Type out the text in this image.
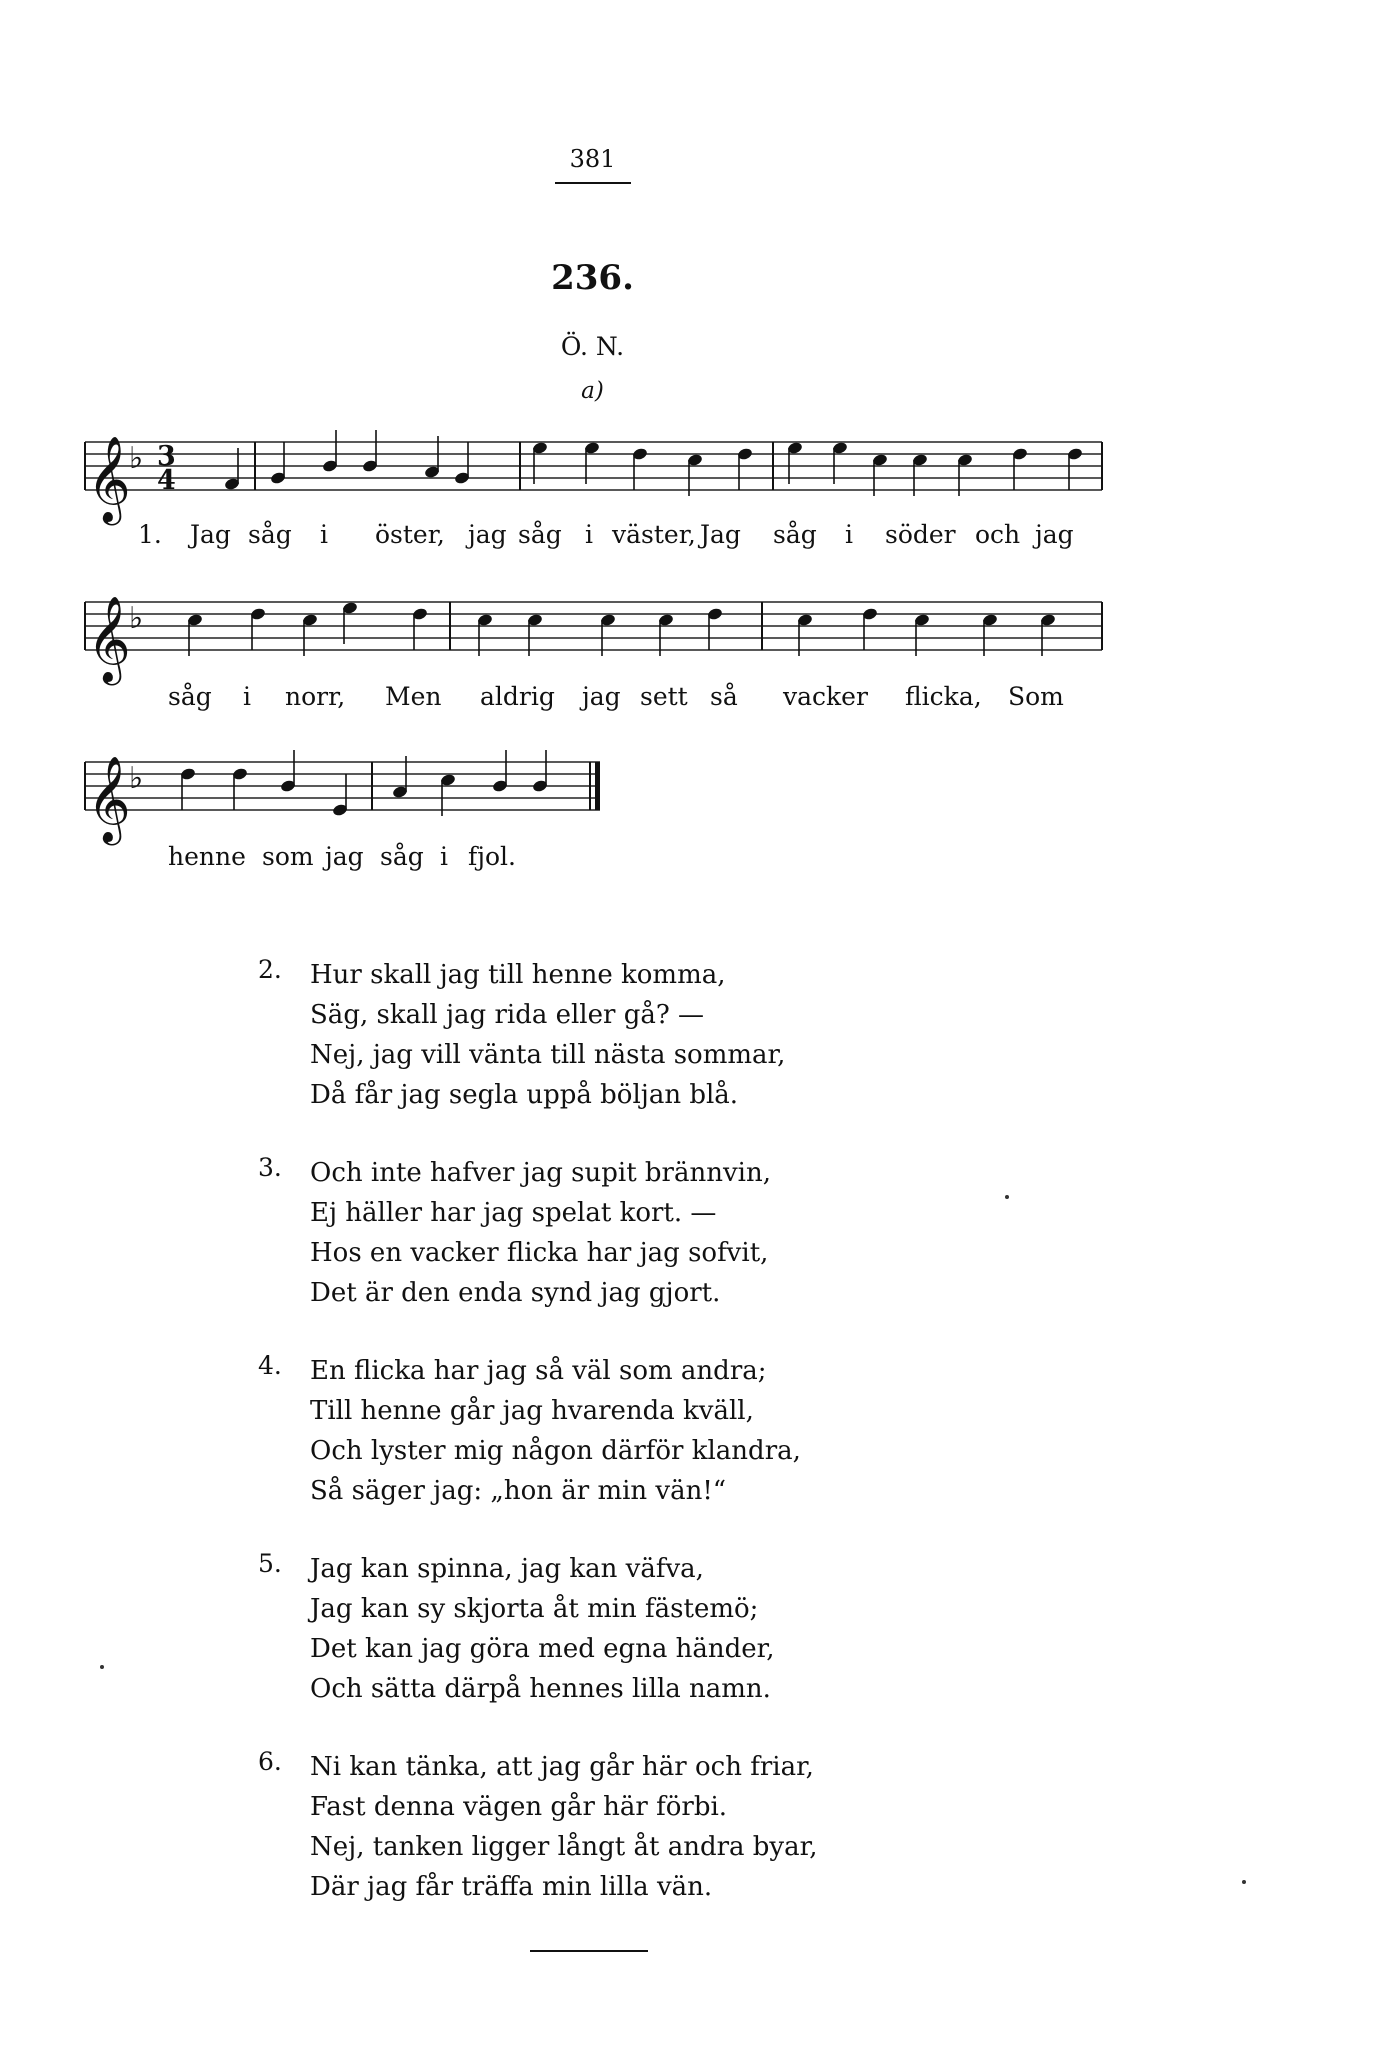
381
236.
Ö. N.
a)
𝄞
♭ 3
4
1. Jag såg i öster, jag såg i väster, Jag såg i söder och jag
𝄞
♭
såg i norr, Men aldrig jag sett så vacker flicka, Som
𝄞
♭
henne som jag såg i fjol.
2. Hur skall jag till henne komma,
Säg, skall jag rida eller gå? —
Nej, jag vill vänta till nästa sommar,
Då får jag segla uppå böljan blå.
3. Och inte hafver jag supit brännvin,
Ej häller har jag spelat kort. —
Hos en vacker flicka har jag sofvit,
Det är den enda synd jag gjort.
4. En flicka har jag så väl som andra;
Till henne går jag hvarenda kväll,
Och lyster mig någon därför klandra,
Så säger jag: „hon är min vän!“
5. Jag kan spinna, jag kan väfva,
Jag kan sy skjorta åt min fästemö;
Det kan jag göra med egna händer,
Och sätta därpå hennes lilla namn.
6. Ni kan tänka, att jag går här och friar,
Fast denna vägen går här förbi.
Nej, tanken ligger långt åt andra byar,
Där jag får träffa min lilla vän.
